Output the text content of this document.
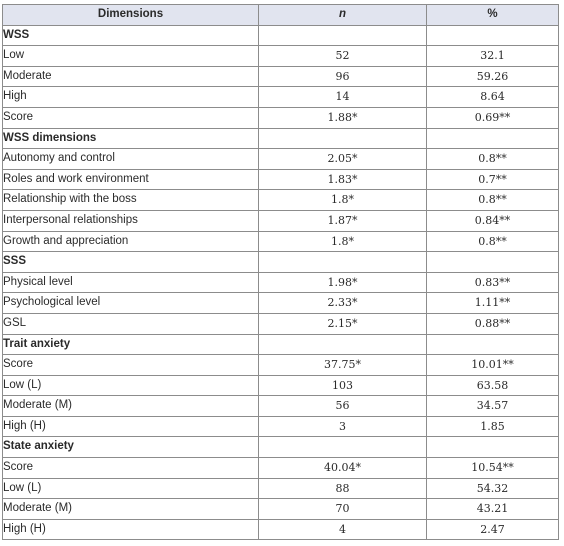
Dimensions	n	%
WSS		
Low	52	32.1
Moderate	96	59.26
High	14	8.64
Score	1.88*	0.69**
WSS dimensions		
Autonomy and control	2.05*	0.8**
Roles and work environment	1.83*	0.7**
Relationship with the boss	1.8*	0.8**
Interpersonal relationships	1.87*	0.84**
Growth and appreciation	1.8*	0.8**
SSS		
Physical level	1.98*	0.83**
Psychological level	2.33*	1.11**
GSL	2.15*	0.88**
Trait anxiety		
Score	37.75*	10.01**
Low (L)	103	63.58
Moderate (M)	56	34.57
High (H)	3	1.85
State anxiety		
Score	40.04*	10.54**
Low (L)	88	54.32
Moderate (M)	70	43.21
High (H)	4	2.47
